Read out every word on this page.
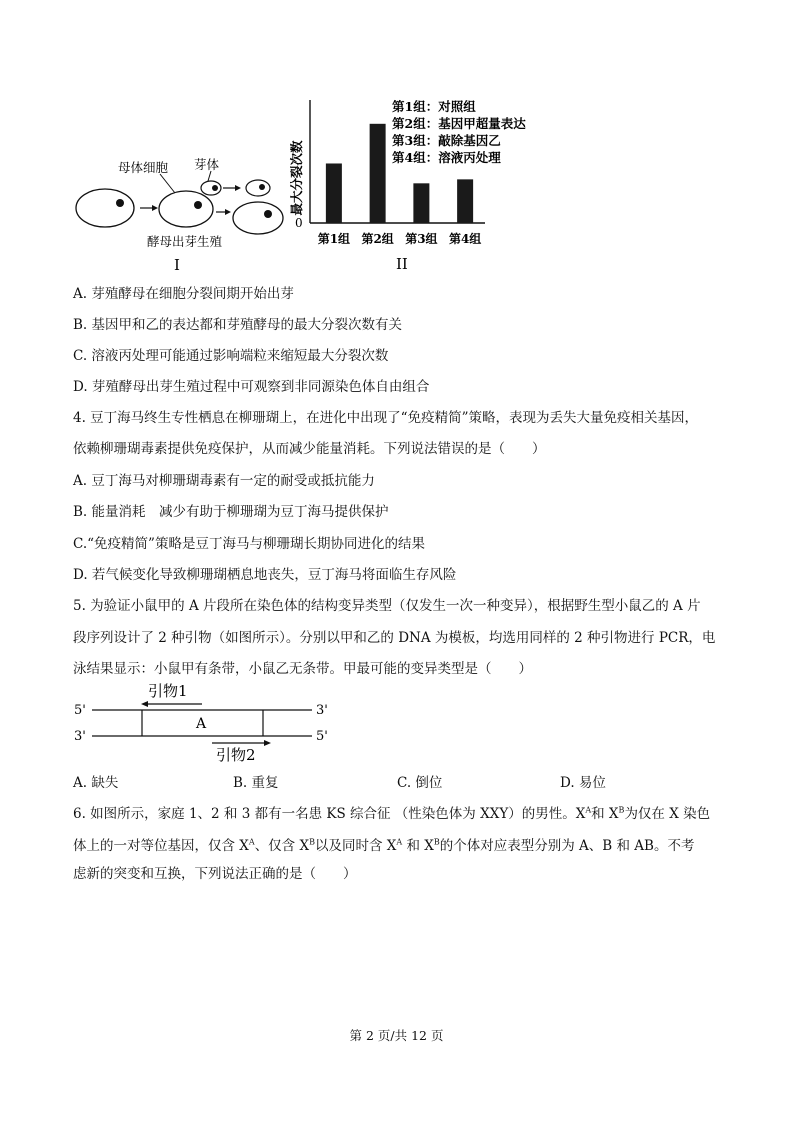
母体细胞 芽体
酵母出芽生殖
I
最大分裂次数
0
第1组 第2组 第3组 第4组
第1组：对照组
第2组：基因甲超量表达
第3组：敲除基因乙
第4组：溶液丙处理
II
A. 芽殖酵母在细胞分裂间期开始出芽
B. 基因甲和乙的表达都和芽殖酵母的最大分裂次数有关
C. 溶液丙处理可能通过影响端粒来缩短最大分裂次数
D. 芽殖酵母出芽生殖过程中可观察到非同源染色体自由组合
4. 豆丁海马终生专性栖息在柳珊瑚上，在进化中出现了“免疫精简”策略，表现为丢失大量免疫相关基因，
依赖柳珊瑚毒素提供免疫保护，从而减少能量消耗。下列说法错误的是（　　）
A. 豆丁海马对柳珊瑚毒素有一定的耐受或抵抗能力
B. 能量消耗　减少有助于柳珊瑚为豆丁海马提供保护
C.“免疫精简”策略是豆丁海马与柳珊瑚长期协同进化的结果
D. 若气候变化导致柳珊瑚栖息地丧失，豆丁海马将面临生存风险
5. 为验证小鼠甲的 A 片段所在染色体的结构变异类型（仅发生一次一种变异），根据野生型小鼠乙的 A 片
段序列设计了 2 种引物（如图所示）。分别以甲和乙的 DNA 为模板，均选用同样的 2 种引物进行 PCR，电
泳结果显示：小鼠甲有条带，小鼠乙无条带。甲最可能的变异类型是（　　）
5'	3'
3'	5'
A
引物1
引物2
A. 缺失	B. 重复	C. 倒位	D. 易位
6. 如图所示，家庭 1、2 和 3 都有一名患 KS 综合征 （性染色体为 XXY）的男性。$X^A$和 $X^B$为仅在 X 染色
体上的一对等位基因，仅含 $X^A$、仅含 $X^B$以及同时含 $X^A$ 和 $X^B$的个体对应表型分别为 A、B 和 AB。不考
虑新的突变和互换，下列说法正确的是（　　）
第 2 页/共 12 页
